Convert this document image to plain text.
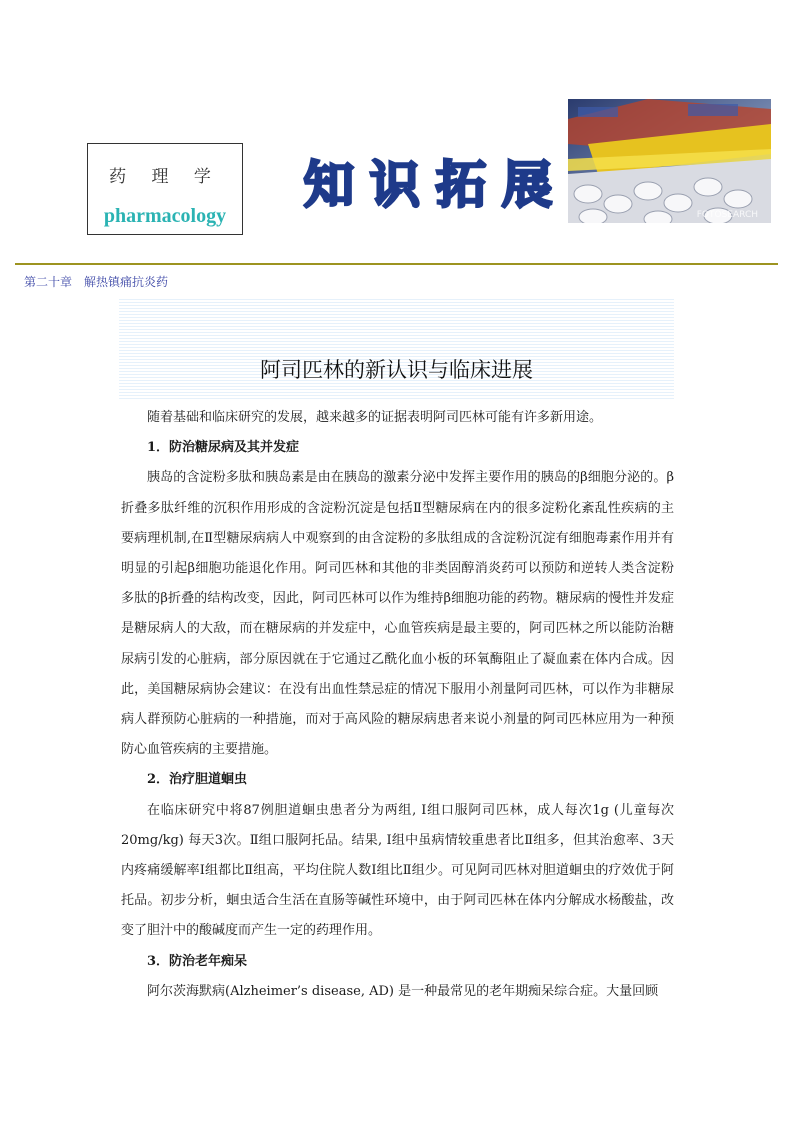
药 理 学
pharmacology
知 识 拓 展
FOTOSEARCH
第二十章　解热镇痛抗炎药
阿司匹林的新认识与临床进展

随着基础和临床研究的发展，越来越多的证据表明阿司匹林可能有许多新用途。

1．防治糖尿病及其并发症

胰岛的含淀粉多肽和胰岛素是由在胰岛的激素分泌中发挥主要作用的胰岛的β细胞分泌的。β折叠多肽纤维的沉积作用形成的含淀粉沉淀是包括Ⅱ型糖尿病在内的很多淀粉化紊乱性疾病的主要病理机制,在Ⅱ型糖尿病病人中观察到的由含淀粉的多肽组成的含淀粉沉淀有细胞毒素作用并有明显的引起β细胞功能退化作用。阿司匹林和其他的非类固醇消炎药可以预防和逆转人类含淀粉多肽的β折叠的结构改变，因此，阿司匹林可以作为维持β细胞功能的药物。糖尿病的慢性并发症是糖尿病人的大敌，而在糖尿病的并发症中，心血管疾病是最主要的，阿司匹林之所以能防治糖尿病引发的心脏病，部分原因就在于它通过乙酰化血小板的环氧酶阻止了凝血素在体内合成。因此，美国糖尿病协会建议：在没有出血性禁忌症的情况下服用小剂量阿司匹林，可以作为非糖尿病人群预防心脏病的一种措施，而对于高风险的糖尿病患者来说小剂量的阿司匹林应用为一种预防心血管疾病的主要措施。

2．治疗胆道蛔虫

在临床研究中将87例胆道蛔虫患者分为两组, Ⅰ组口服阿司匹林，成人每次1g (儿童每次20mg/kg) 每天3次。Ⅱ组口服阿托品。结果, Ⅰ组中虽病情较重患者比Ⅱ组多，但其治愈率、3天内疼痛缓解率Ⅰ组都比Ⅱ组高，平均住院人数Ⅰ组比Ⅱ组少。可见阿司匹林对胆道蛔虫的疗效优于阿托品。初步分析，蛔虫适合生活在直肠等碱性环境中，由于阿司匹林在体内分解成水杨酸盐，改变了胆汁中的酸碱度而产生一定的药理作用。

3．防治老年痴呆

阿尔茨海默病(Alzheimer’s disease, AD) 是一种最常见的老年期痴呆综合症。大量回顾
